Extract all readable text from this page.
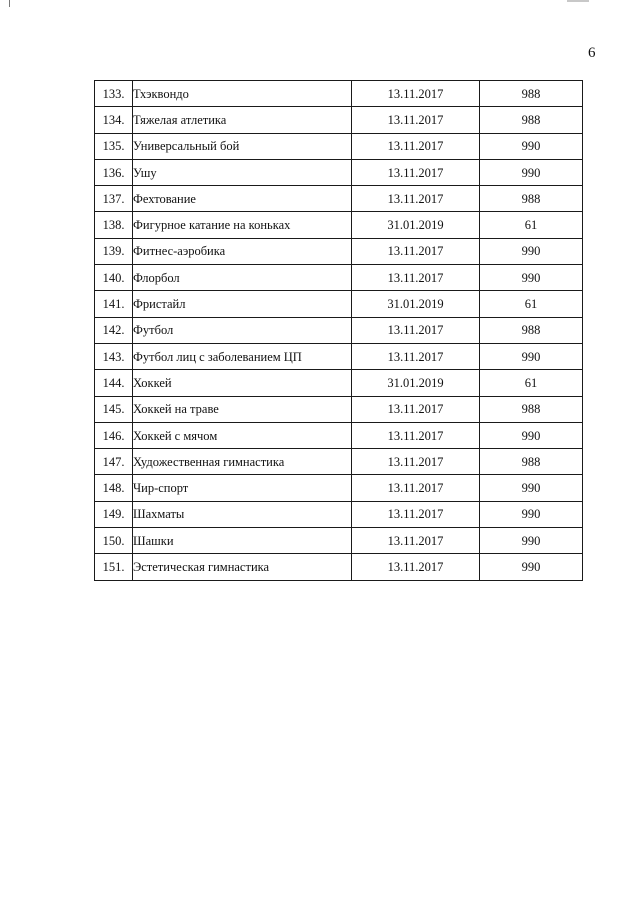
6
133.	Тхэквондо	13.11.2017	988
134.	Тяжелая атлетика	13.11.2017	988
135.	Универсальный бой	13.11.2017	990
136.	Ушу	13.11.2017	990
137.	Фехтование	13.11.2017	988
138.	Фигурное катание на коньках	31.01.2019	61
139.	Фитнес-аэробика	13.11.2017	990
140.	Флорбол	13.11.2017	990
141.	Фристайл	31.01.2019	61
142.	Футбол	13.11.2017	988
143.	Футбол лиц с заболеванием ЦП	13.11.2017	990
144.	Хоккей	31.01.2019	61
145.	Хоккей на траве	13.11.2017	988
146.	Хоккей с мячом	13.11.2017	990
147.	Художественная гимнастика	13.11.2017	988
148.	Чир-спорт	13.11.2017	990
149.	Шахматы	13.11.2017	990
150.	Шашки	13.11.2017	990
151.	Эстетическая гимнастика	13.11.2017	990
